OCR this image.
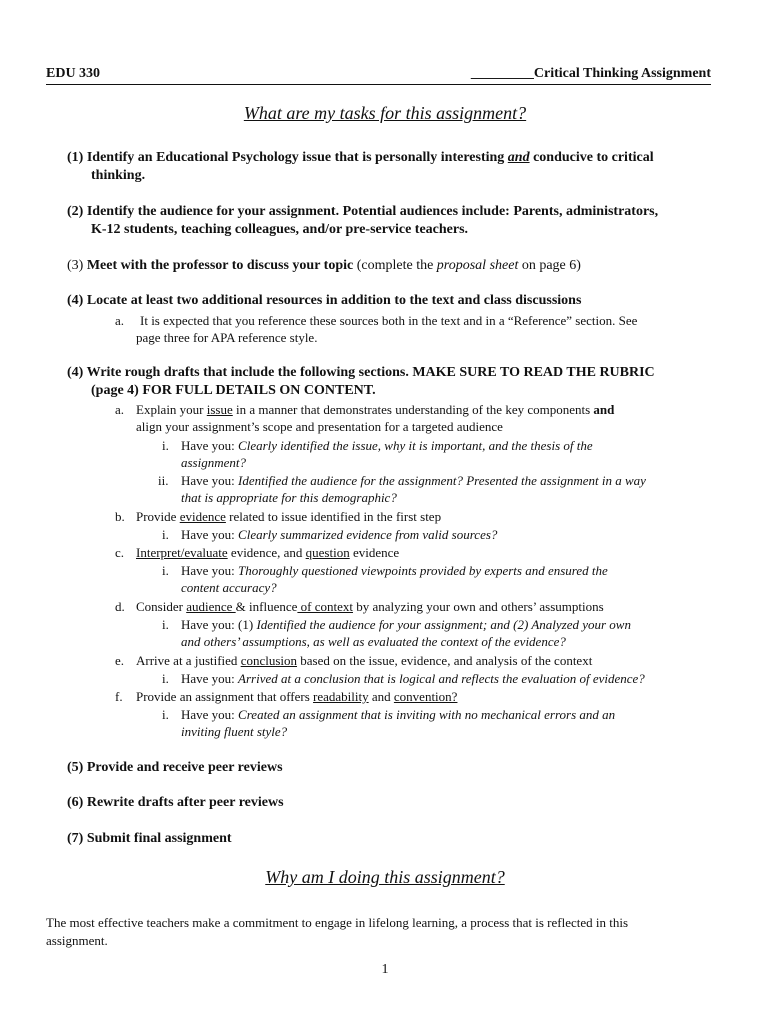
EDU 330	_________Critical Thinking Assignment
What are my tasks for this assignment?
(1) Identify an Educational Psychology issue that is personally interesting and conducive to critical
thinking.
(2) Identify the audience for your assignment. Potential audiences include: Parents, administrators,
K-12 students, teaching colleagues, and/or pre-service teachers.
(3) Meet with the professor to discuss your topic (complete the proposal sheet on page 6)
(4) Locate at least two additional resources in addition to the text and class discussions
a. It is expected that you reference these sources both in the text and in a “Reference” section. See
page three for APA reference style.
(4) Write rough drafts that include the following sections. MAKE SURE TO READ THE RUBRIC
(page 4) FOR FULL DETAILS ON CONTENT.
a. Explain your issue in a manner that demonstrates understanding of the key components and
align your assignment’s scope and presentation for a targeted audience
i. Have you: Clearly identified the issue, why it is important, and the thesis of the
assignment?
ii. Have you: Identified the audience for the assignment? Presented the assignment in a way
that is appropriate for this demographic?
b. Provide evidence related to issue identified in the first step
i. Have you: Clearly summarized evidence from valid sources?
c. Interpret/evaluate evidence, and question evidence
i. Have you: Thoroughly questioned viewpoints provided by experts and ensured the
content accuracy?
d. Consider audience & influence of context by analyzing your own and others’ assumptions
i. Have you: (1) Identified the audience for your assignment; and (2) Analyzed your own
and others’ assumptions, as well as evaluated the context of the evidence?
e. Arrive at a justified conclusion based on the issue, evidence, and analysis of the context
i. Have you: Arrived at a conclusion that is logical and reflects the evaluation of evidence?
f. Provide an assignment that offers readability and convention?
i. Have you: Created an assignment that is inviting with no mechanical errors and an
inviting fluent style?
(5) Provide and receive peer reviews
(6) Rewrite drafts after peer reviews
(7) Submit final assignment
Why am I doing this assignment?
The most effective teachers make a commitment to engage in lifelong learning, a process that is reflected in this
assignment.
1
